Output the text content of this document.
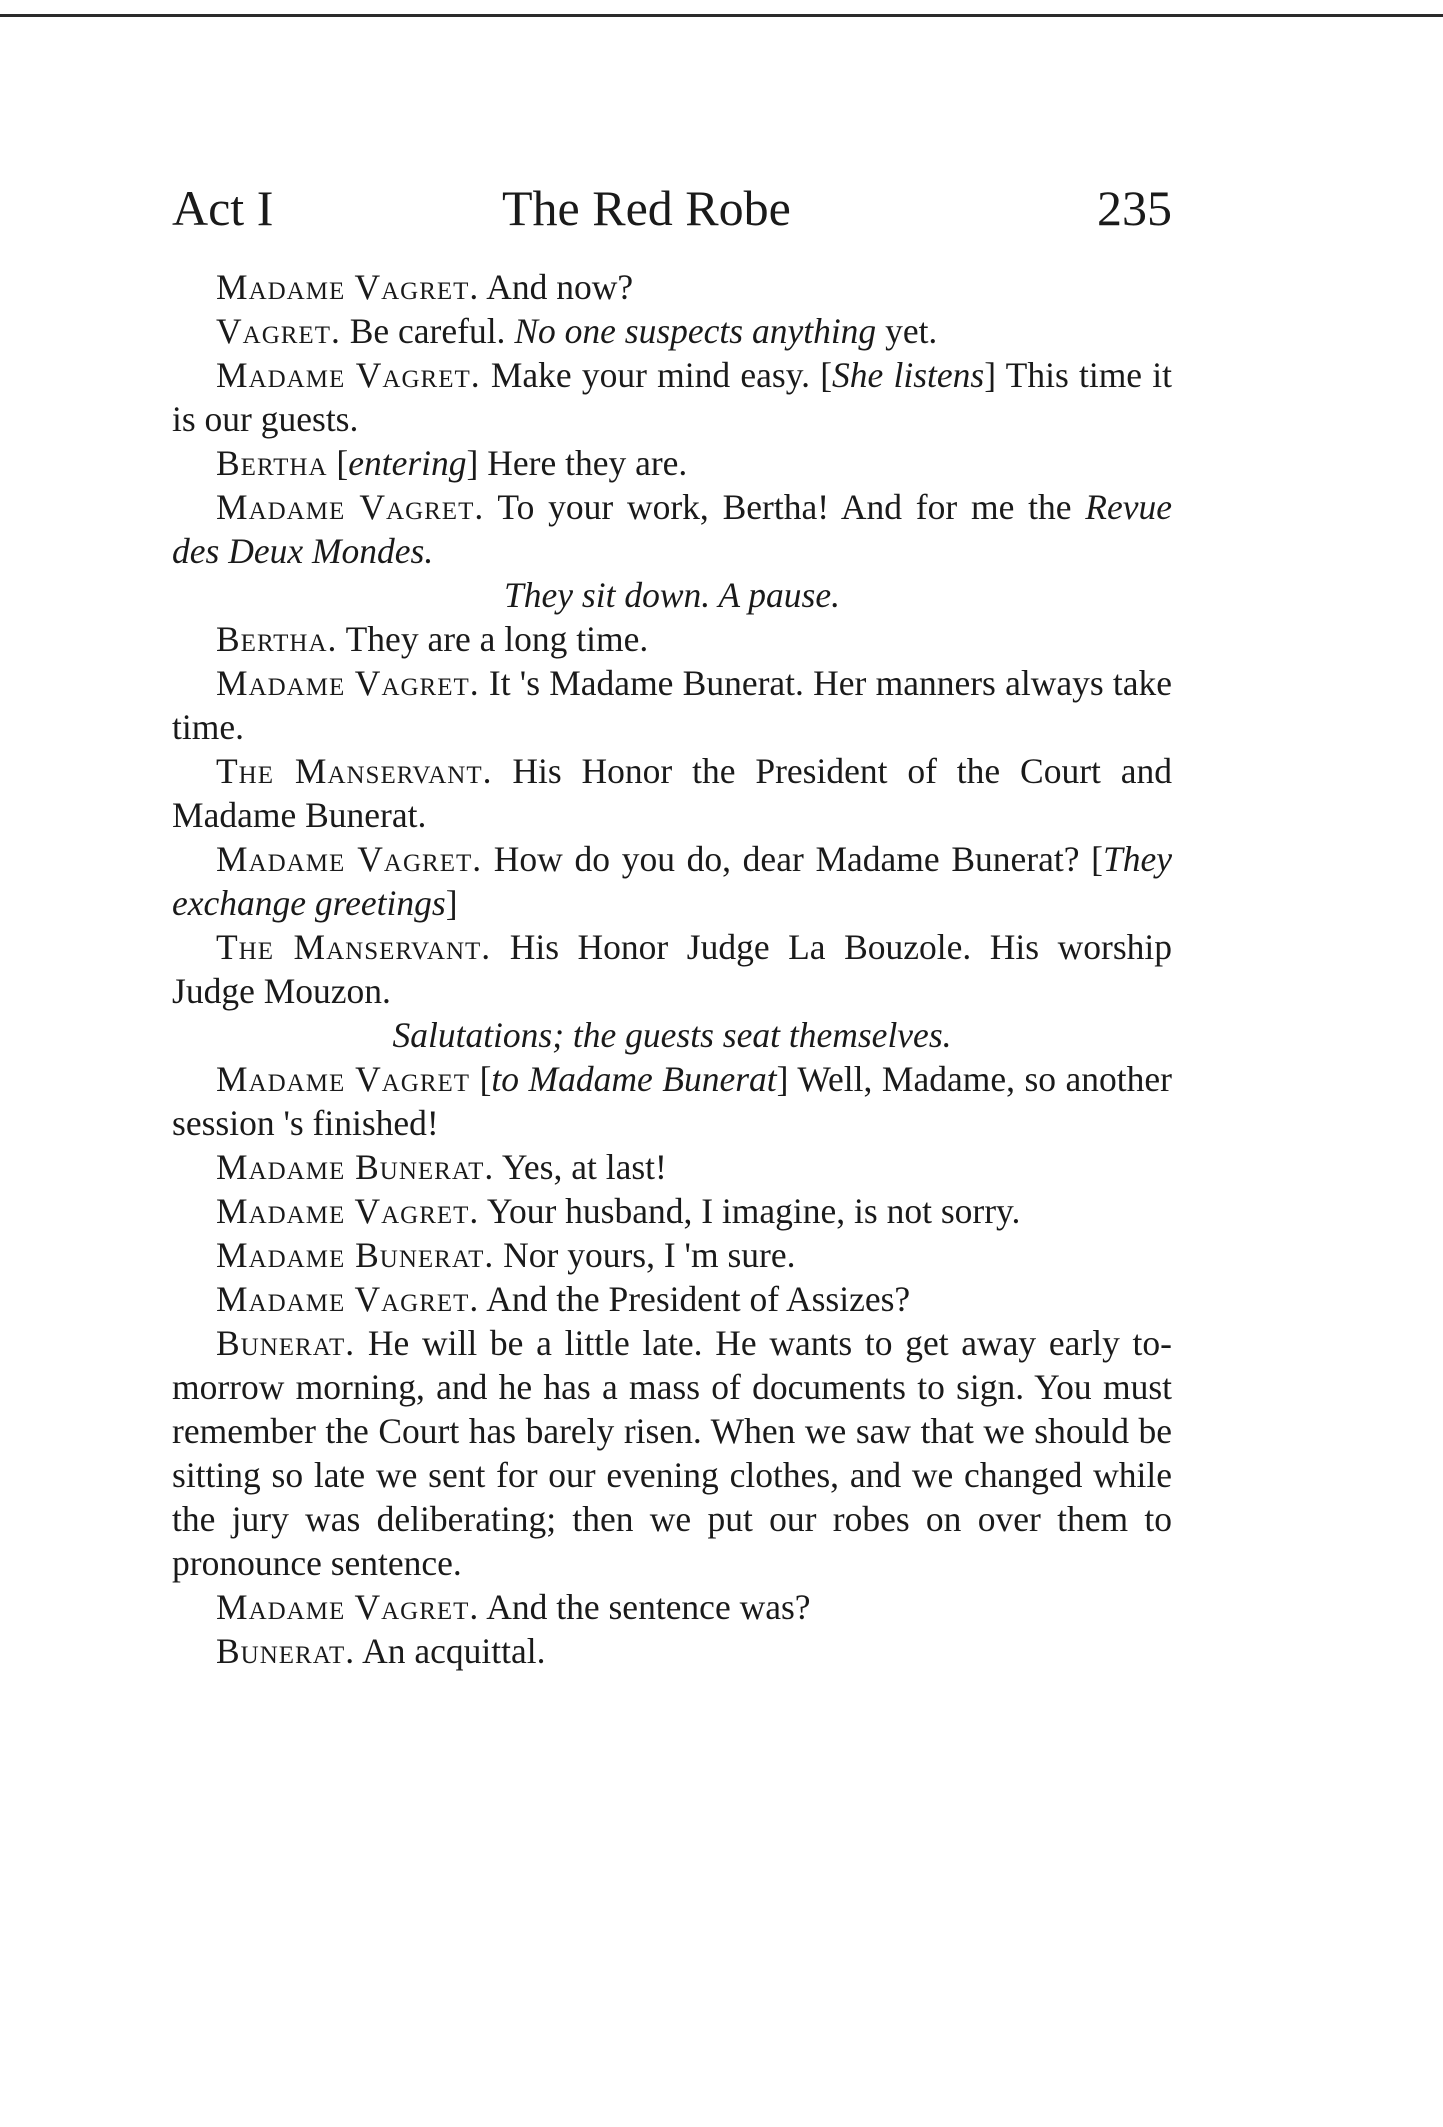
Act I	The Red Robe	235

Madame Vagret. And now?

Vagret. Be careful. No one suspects anything yet.

Madame Vagret. Make your mind easy. [She listens] This time it is our guests.

Bertha [entering] Here they are.

Madame Vagret. To your work, Bertha! And for me the Revue des Deux Mondes.

They sit down. A pause.

Bertha. They are a long time.

Madame Vagret. It 's Madame Bunerat. Her manners always take time.

The Manservant. His Honor the President of the Court and Madame Bunerat.

Madame Vagret. How do you do, dear Madame Bunerat? [They exchange greetings]

The Manservant. His Honor Judge La Bouzole. His worship Judge Mouzon.

Salutations; the guests seat themselves.

Madame Vagret [to Madame Bunerat] Well, Madame, so another session 's finished!

Madame Bunerat. Yes, at last!

Madame Vagret. Your husband, I imagine, is not sorry.

Madame Bunerat. Nor yours, I 'm sure.

Madame Vagret. And the President of Assizes?

Bunerat. He will be a little late. He wants to get away early to-morrow morning, and he has a mass of documents to sign. You must remember the Court has barely risen. When we saw that we should be sitting so late we sent for our evening clothes, and we changed while the jury was deliberating; then we put our robes on over them to pronounce sentence.

Madame Vagret. And the sentence was?

Bunerat. An acquittal.
